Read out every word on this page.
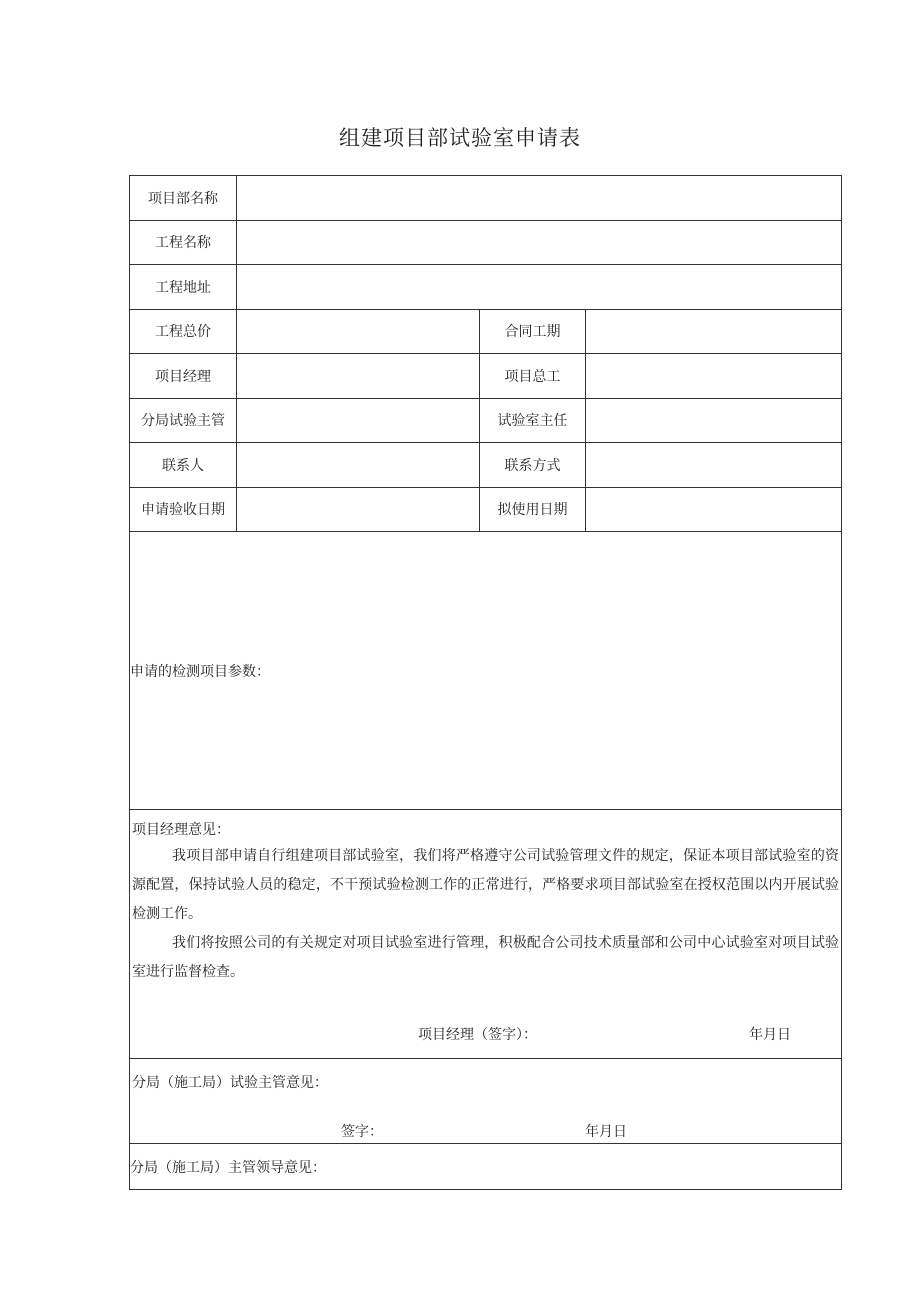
组建项目部试验室申请表
项目部名称			
工程名称			
工程地址			
工程总价		合同工期	
项目经理		项目总工	
分局试验主管		试验室主任	
联系人		联系方式	
申请验收日期		拟使用日期	
申请的检测项目参数：			

项目经理意见：

我项目部申请自行组建项目部试验室，我们将严格遵守公司试验管理文件的规定，保证本项目部试验室的资源配置，保持试验人员的稳定，不干预试验检测工作的正常进行，严格要求项目部试验室在授权范围以内开展试验检测工作。

我们将按照公司的有关规定对项目试验室进行管理，积极配合公司技术质量部和公司中心试验室对项目试验室进行监督检查。

项目经理（签字）： 年月日			

分局（施工局）试验主管意见：
签字： 年月日			

分局（施工局）主管领导意见：			
